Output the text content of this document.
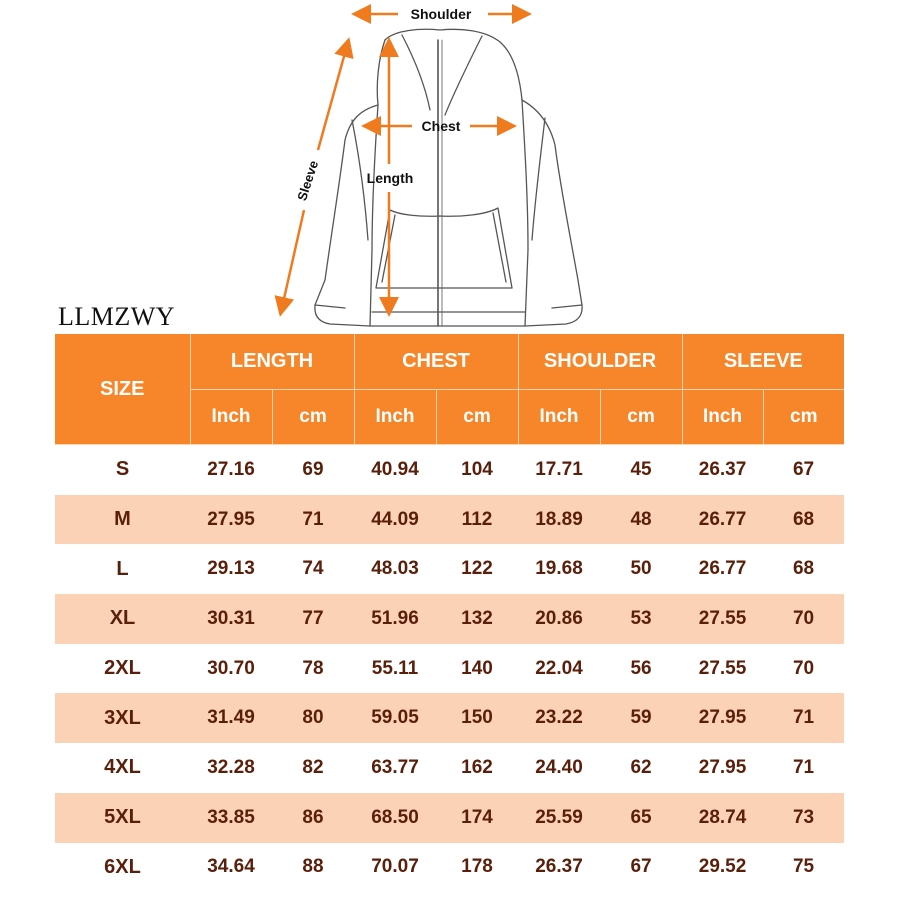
Shoulder
Chest
Length
Sleeve
LLMZWY
SIZE	LENGTH		CHEST		SHOULDER		SLEEVE	
	Inch	cm	Inch	cm	Inch	cm	Inch	cm
S	27.16	69	40.94	104	17.71	45	26.37	67
M	27.95	71	44.09	112	18.89	48	26.77	68
L	29.13	74	48.03	122	19.68	50	26.77	68
XL	30.31	77	51.96	132	20.86	53	27.55	70
2XL	30.70	78	55.11	140	22.04	56	27.55	70
3XL	31.49	80	59.05	150	23.22	59	27.95	71
4XL	32.28	82	63.77	162	24.40	62	27.95	71
5XL	33.85	86	68.50	174	25.59	65	28.74	73
6XL	34.64	88	70.07	178	26.37	67	29.52	75
